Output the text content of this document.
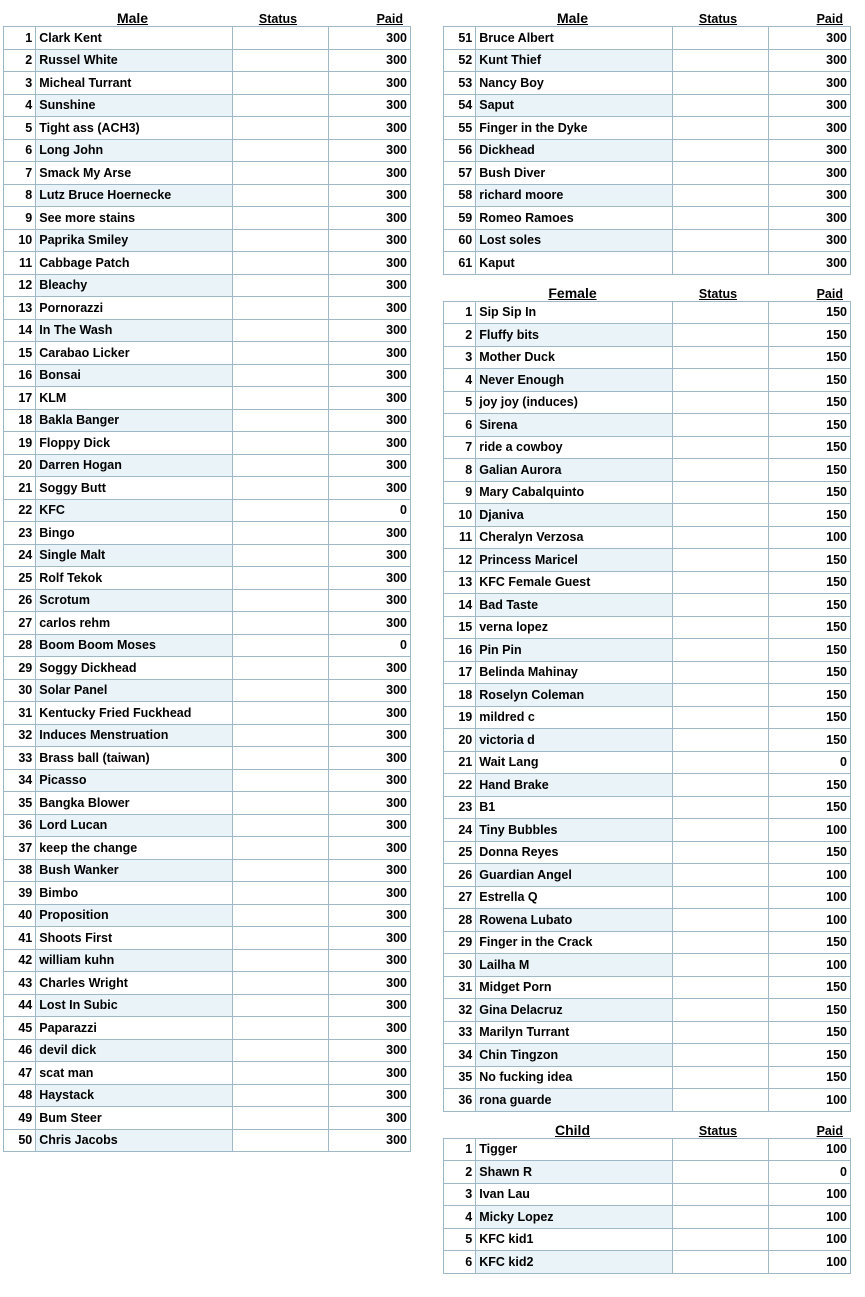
Male	Status	Paid
1	Clark Kent		300
2	Russel White		300
3	Micheal Turrant		300
4	Sunshine		300
5	Tight ass (ACH3)		300
6	Long John		300
7	Smack My Arse		300
8	Lutz Bruce Hoernecke		300
9	See more stains		300
10	Paprika Smiley		300
11	Cabbage Patch		300
12	Bleachy		300
13	Pornorazzi		300
14	In The Wash		300
15	Carabao Licker		300
16	Bonsai		300
17	KLM		300
18	Bakla Banger		300
19	Floppy Dick		300
20	Darren Hogan		300
21	Soggy Butt		300
22	KFC		0
23	Bingo		300
24	Single Malt		300
25	Rolf Tekok		300
26	Scrotum		300
27	carlos rehm		300
28	Boom Boom Moses		0
29	Soggy Dickhead		300
30	Solar Panel		300
31	Kentucky Fried Fuckhead		300
32	Induces Menstruation		300
33	Brass ball (taiwan)		300
34	Picasso		300
35	Bangka Blower		300
36	Lord Lucan		300
37	keep the change		300
38	Bush Wanker		300
39	Bimbo		300
40	Proposition		300
41	Shoots First		300
42	william kuhn		300
43	Charles Wright		300
44	Lost In Subic		300
45	Paparazzi		300
46	devil dick		300
47	scat man		300
48	Haystack		300
49	Bum Steer		300
50	Chris Jacobs		300
Male	Status	Paid
51	Bruce Albert		300
52	Kunt Thief		300
53	Nancy Boy		300
54	Saput		300
55	Finger in the Dyke		300
56	Dickhead		300
57	Bush Diver		300
58	richard moore		300
59	Romeo Ramoes		300
60	Lost soles		300
61	Kaput		300
Female	Status	Paid
1	Sip Sip In		150
2	Fluffy bits		150
3	Mother Duck		150
4	Never Enough		150
5	joy joy (induces)		150
6	Sirena		150
7	ride a cowboy		150
8	Galian Aurora		150
9	Mary Cabalquinto		150
10	Djaniva		150
11	Cheralyn Verzosa		100
12	Princess Maricel		150
13	KFC Female Guest		150
14	Bad Taste		150
15	verna lopez		150
16	Pin Pin		150
17	Belinda Mahinay		150
18	Roselyn Coleman		150
19	mildred c		150
20	victoria d		150
21	Wait Lang		0
22	Hand Brake		150
23	B1		150
24	Tiny Bubbles		100
25	Donna Reyes		150
26	Guardian Angel		100
27	Estrella Q		100
28	Rowena Lubato		100
29	Finger in the Crack		150
30	Lailha M		100
31	Midget Porn		150
32	Gina Delacruz		150
33	Marilyn Turrant		150
34	Chin Tingzon		150
35	No fucking idea		150
36	rona guarde		100
Child	Status	Paid
1	Tigger		100
2	Shawn R		0
3	Ivan Lau		100
4	Micky Lopez		100
5	KFC kid1		100
6	KFC kid2		100
